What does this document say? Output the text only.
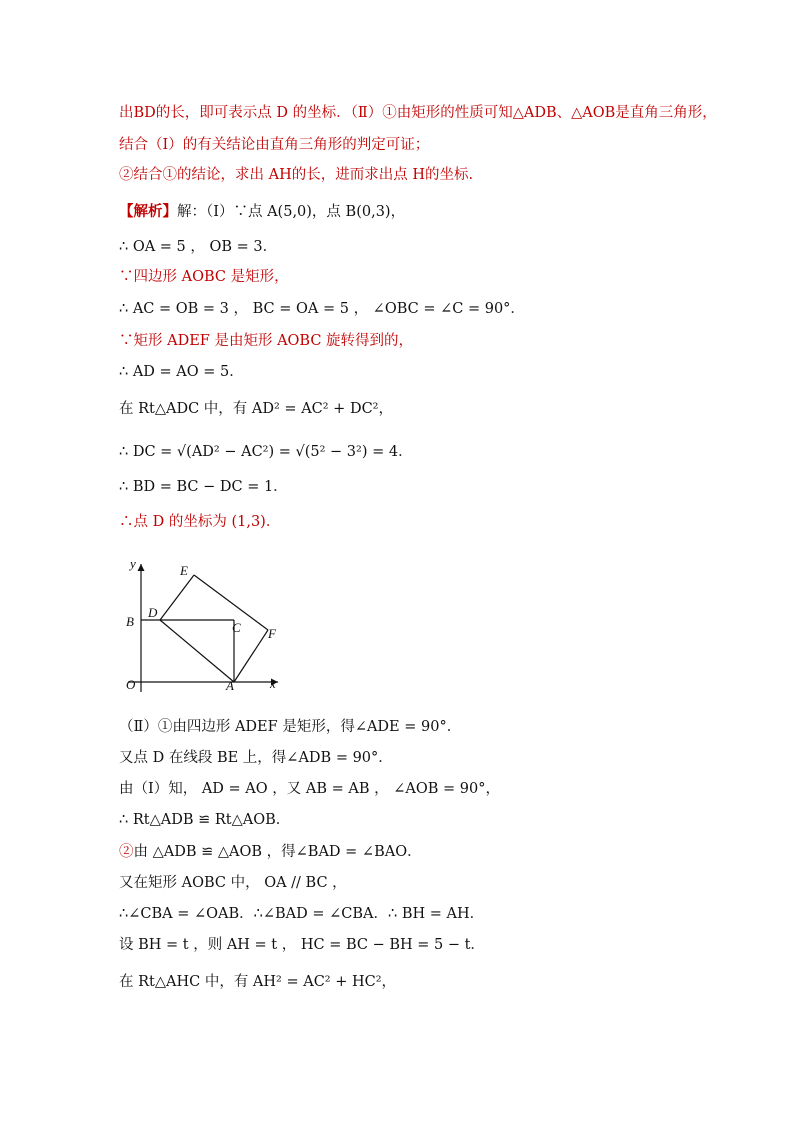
出BD的长，即可表示点 D 的坐标．（Ⅱ）①由矩形的性质可知△ADB、△AOB是直角三角形，
结合（Ⅰ）的有关结论由直角三角形的判定可证；
②结合①的结论，求出 AH的长，进而求出点 H的坐标.
【解析】解：（Ⅰ）∵点 A(5,0)，点 B(0,3)，
∴ OA = 5 ， OB = 3．
∵四边形 AOBC 是矩形，
∴ AC = OB = 3 ， BC = OA = 5 ， ∠OBC = ∠C = 90°．
∵矩形 ADEF 是由矩形 AOBC 旋转得到的，
∴ AD = AO = 5．
在 Rt△ADC 中，有 AD² = AC² + DC²，
∴ DC = √(AD² − AC²) = √(5² − 3²) = 4．
∴ BD = BC − DC = 1．
∴点 D 的坐标为 (1,3)．
y
x
O	A
B	C
D
E
F
（Ⅱ）①由四边形 ADEF 是矩形，得∠ADE = 90°．
又点 D 在线段 BE 上，得∠ADB = 90°．
由（Ⅰ）知， AD = AO ，又 AB = AB ， ∠AOB = 90°，
∴ Rt△ADB ≌ Rt△AOB．
②由 △ADB ≌ △AOB ，得∠BAD = ∠BAO．
又在矩形 AOBC 中， OA // BC ，
∴∠CBA = ∠OAB．∴∠BAD = ∠CBA．∴ BH = AH．
设 BH = t ，则 AH = t ， HC = BC − BH = 5 − t．
在 Rt△AHC 中，有 AH² = AC² + HC²，
